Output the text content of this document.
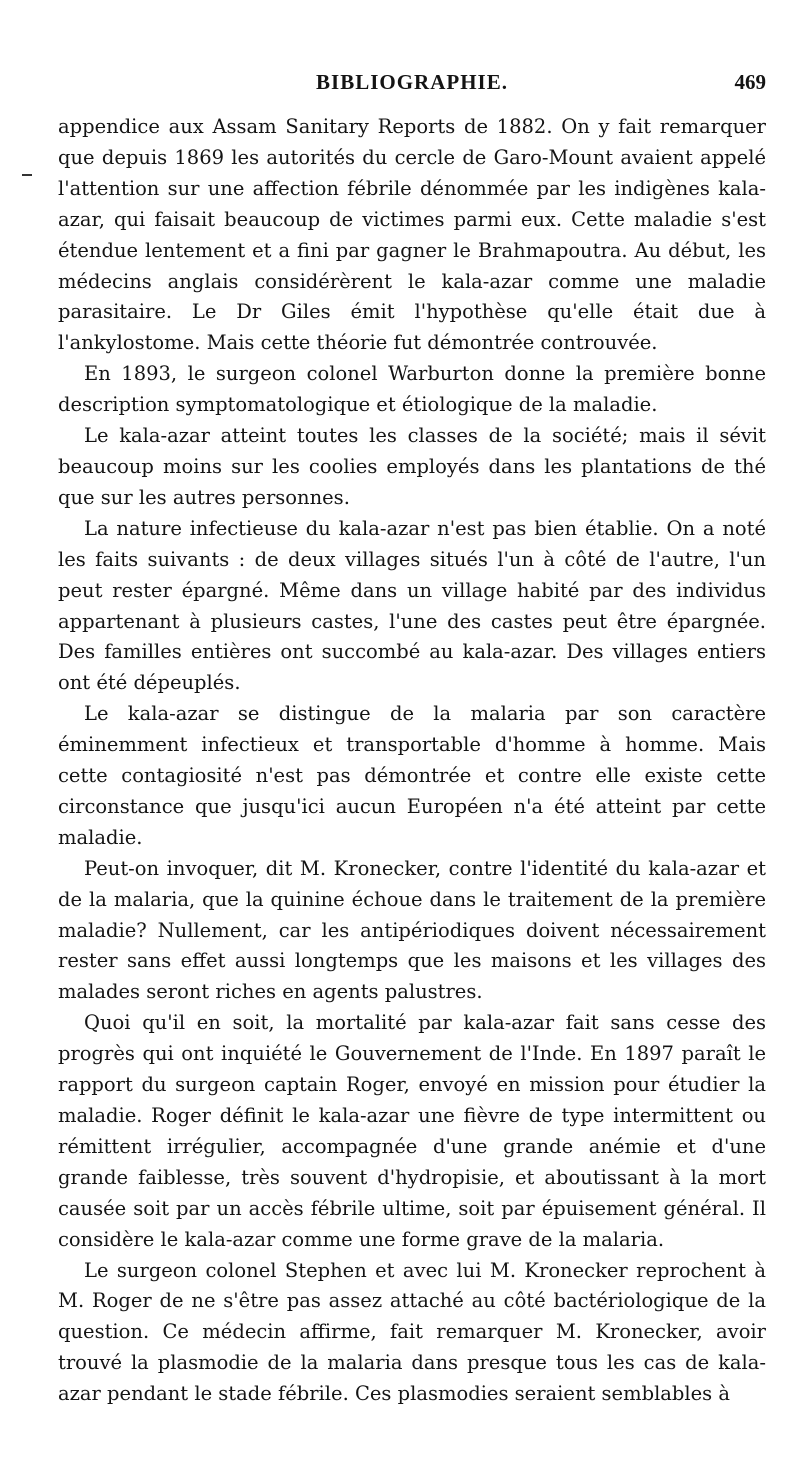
BIBLIOGRAPHIE.	469

appendice aux Assam Sanitary Reports de 1882. On y fait remarquer que depuis 1869 les autorités du cercle de Garo-Mount avaient appelé l'attention sur une affection fébrile dénommée par les indigènes kala-azar, qui faisait beaucoup de victimes parmi eux. Cette maladie s'est étendue lentement et a fini par gagner le Brahmapoutra. Au début, les médecins anglais considérèrent le kala-azar comme une maladie parasitaire. Le Dr Giles émit l'hypothèse qu'elle était due à l'ankylostome. Mais cette théorie fut démontrée controuvée.

En 1893, le surgeon colonel Warburton donne la première bonne description symptomatologique et étiologique de la maladie.

Le kala-azar atteint toutes les classes de la société; mais il sévit beaucoup moins sur les coolies employés dans les plantations de thé que sur les autres personnes.

La nature infectieuse du kala-azar n'est pas bien établie. On a noté les faits suivants : de deux villages situés l'un à côté de l'autre, l'un peut rester épargné. Même dans un village habité par des individus appartenant à plusieurs castes, l'une des castes peut être épargnée. Des familles entières ont succombé au kala-azar. Des villages entiers ont été dépeuplés.

Le kala-azar se distingue de la malaria par son caractère éminemment infectieux et transportable d'homme à homme. Mais cette contagiosité n'est pas démontrée et contre elle existe cette circonstance que jusqu'ici aucun Européen n'a été atteint par cette maladie.

Peut-on invoquer, dit M. Kronecker, contre l'identité du kala-azar et de la malaria, que la quinine échoue dans le traitement de la première maladie? Nullement, car les antipériodiques doivent nécessairement rester sans effet aussi longtemps que les maisons et les villages des malades seront riches en agents palustres.

Quoi qu'il en soit, la mortalité par kala-azar fait sans cesse des progrès qui ont inquiété le Gouvernement de l'Inde. En 1897 paraît le rapport du surgeon captain Roger, envoyé en mission pour étudier la maladie. Roger définit le kala-azar une fièvre de type intermittent ou rémittent irrégulier, accompagnée d'une grande anémie et d'une grande faiblesse, très souvent d'hydropisie, et aboutissant à la mort causée soit par un accès fébrile ultime, soit par épuisement général. Il considère le kala-azar comme une forme grave de la malaria.

Le surgeon colonel Stephen et avec lui M. Kronecker reprochent à M. Roger de ne s'être pas assez attaché au côté bactériologique de la question. Ce médecin affirme, fait remarquer M. Kronecker, avoir trouvé la plasmodie de la malaria dans presque tous les cas de kala-azar pendant le stade fébrile. Ces plasmodies seraient semblables à
